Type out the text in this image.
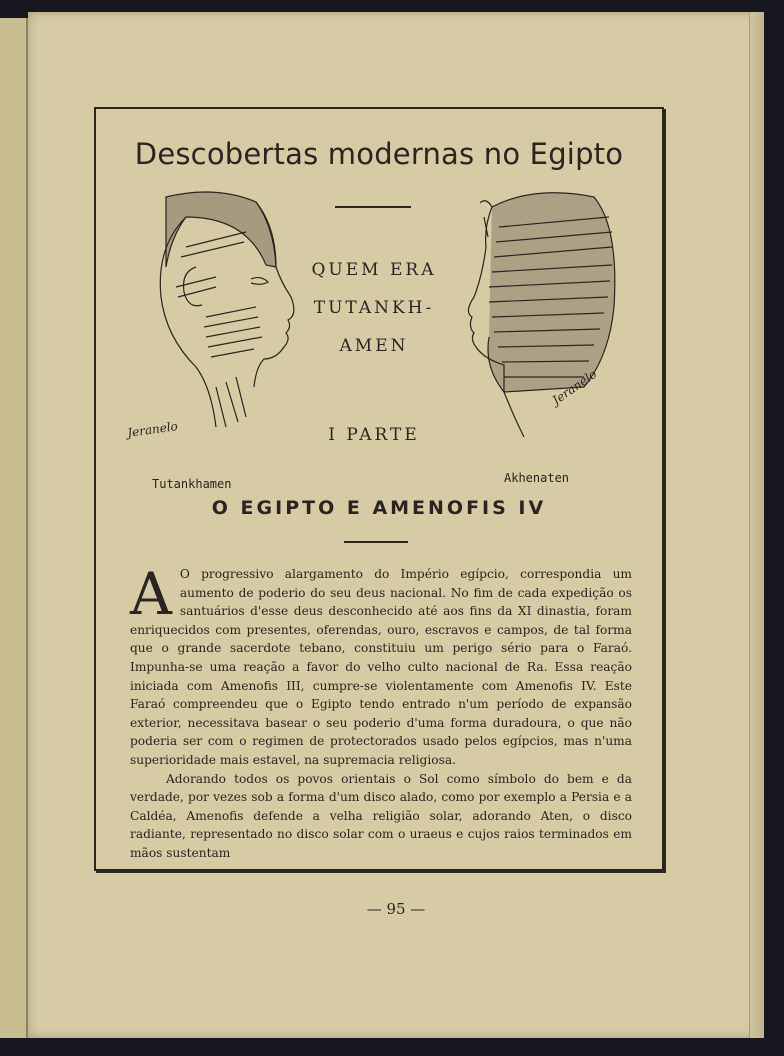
Descobertas modernas no Egipto
Jeranelo
Jeranelo
QUEM ERA
TUTANKH-
AMEN
I PARTE
Tutankhamen	Akhenaten
O EGIPTO E AMENOFIS IV
A O progressivo alargamento do Império egípcio, correspondia um aumento de poderio do seu deus nacional. No fim de cada expedição os santuários d'esse deus desconhecido até aos fins da XI dinastia, foram enriquecidos com presentes, oferendas, ouro, escravos e campos, de tal forma que o grande sacerdote tebano, constituiu um perigo sério para o Faraó. Impunha-se uma reação a favor do velho culto nacional de Ra. Essa reação iniciada com Amenofis III, cumpre-se violentamente com Amenofis IV. Este Faraó compreendeu que o Egipto tendo entrado n'um período de expansão exterior, necessitava basear o seu poderio d'uma forma duradoura, o que não poderia ser com o regimen de protectorados usado pelos egípcios, mas n'uma superioridade mais estavel, na supremacia religiosa.

Adorando todos os povos orientais o Sol como símbolo do bem e da verdade, por vezes sob a forma d'um disco alado, como por exemplo a Persia e a Caldéa, Amenofis defende a velha religião solar, adorando Aten, o disco radiante, representado no disco solar com o uraeus e cujos raios terminados em mãos sustentam

— 95 —
